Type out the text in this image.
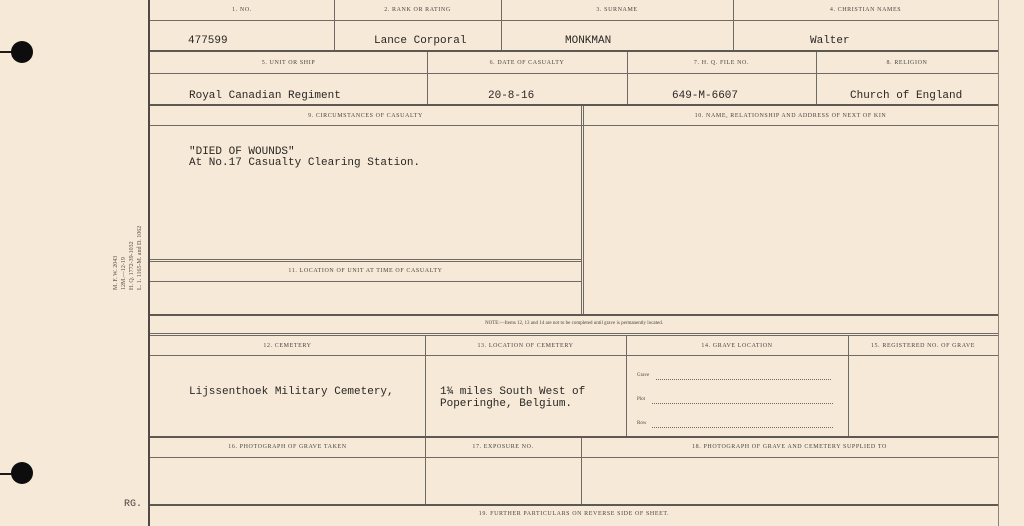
M. F. W. 2043 12M.—12-19 H. Q. 1772-39-1032 L. 1. 1165-M. and D. 1062
RG.
1. NO.	2. RANK OR RATING	3. SURNAME	4. CHRISTIAN NAMES
477599	Lance Corporal	MONKMAN	Walter
5. UNIT OR SHIP	6. DATE OF CASUALTY	7. H. Q. FILE NO.	8. RELIGION
Royal Canadian Regiment	20-8-16	649-M-6607	Church of England
9. CIRCUMSTANCES OF CASUALTY	10. NAME, RELATIONSHIP AND ADDRESS OF NEXT OF KIN
"DIED OF WOUNDS"
At No.17 Casualty Clearing Station.
11. LOCATION OF UNIT AT TIME OF CASUALTY
NOTE:—Items 12, 13 and 14 are not to be completed until grave is permanently located.
12. CEMETERY	13. LOCATION OF CEMETERY	14. GRAVE LOCATION	15. REGISTERED NO. OF GRAVE
Lijssenthoek Military Cemetery,	1¾ miles South West of
Poperinghe, Belgium.
Grave
Plot
Row
16. PHOTOGRAPH OF GRAVE TAKEN	17. EXPOSURE NO.	18. PHOTOGRAPH OF GRAVE AND CEMETERY SUPPLIED TO
19. FURTHER PARTICULARS ON REVERSE SIDE OF SHEET.
